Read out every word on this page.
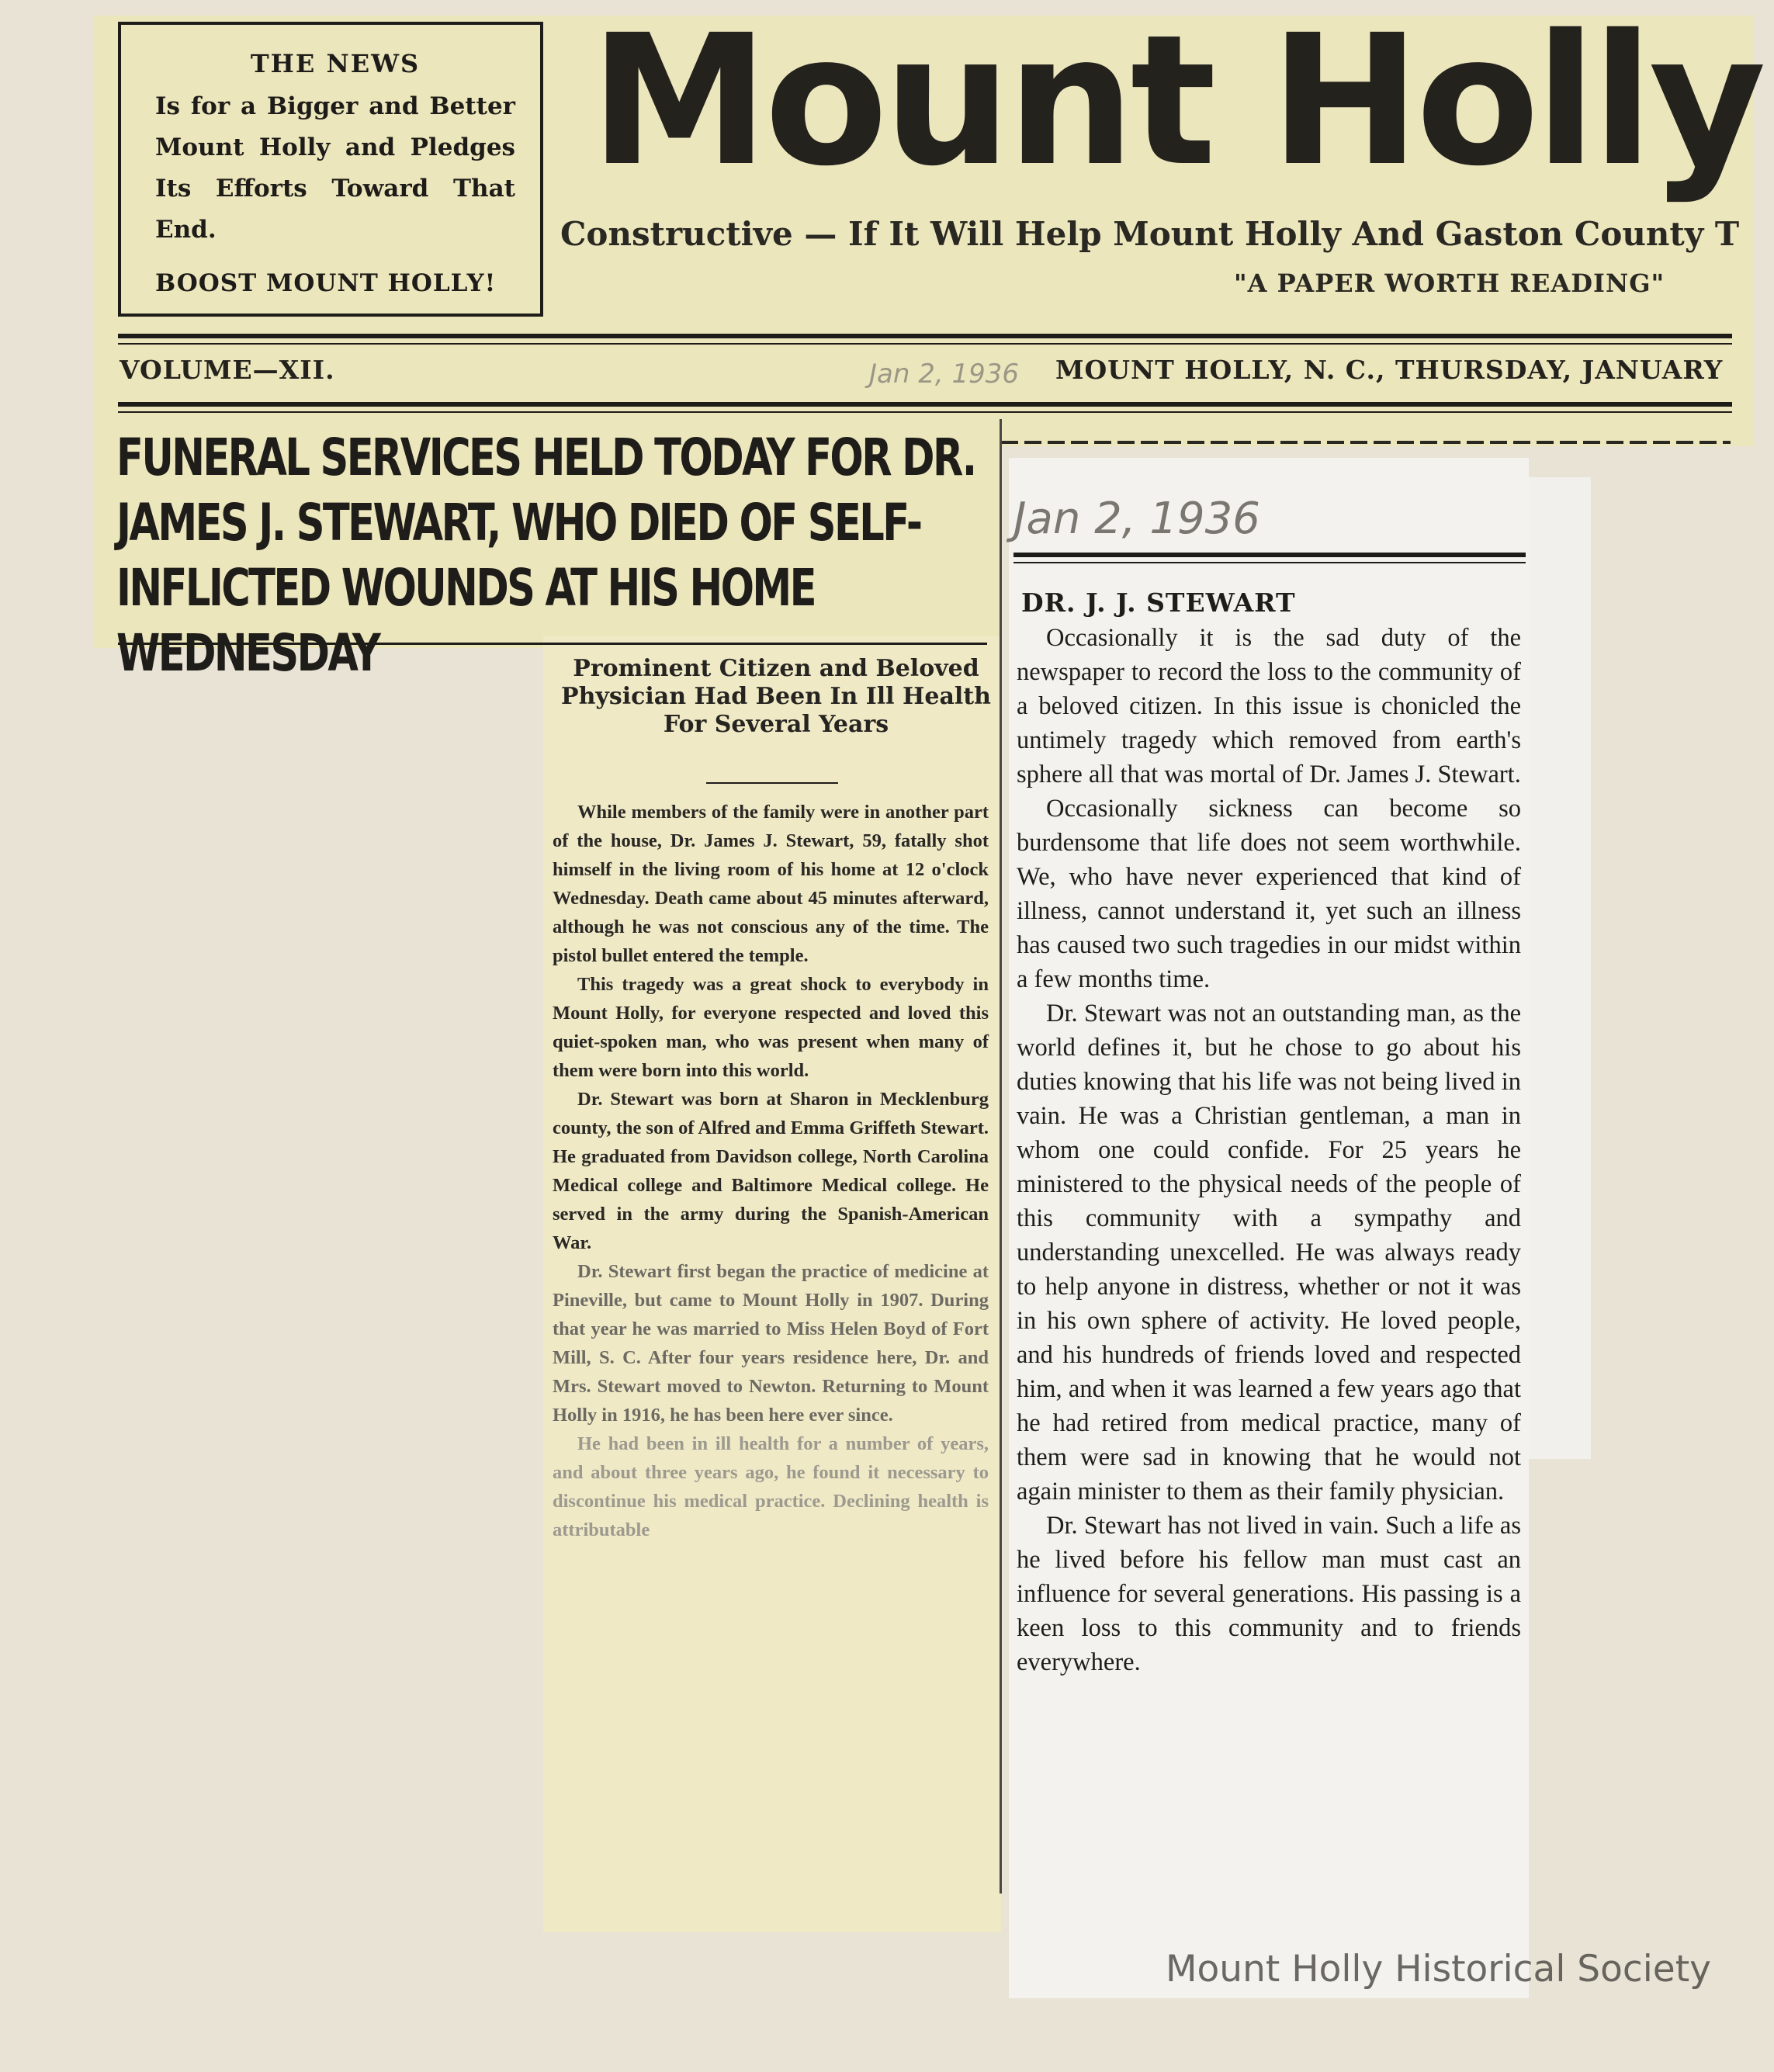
THE NEWS
Is for a Bigger and Better Mount Holly and Pledges Its Efforts Toward That End.
BOOST MOUNT HOLLY!
Mount Holly
Constructive — If It Will Help Mount Holly And Gaston County T
"A PAPER WORTH READING"
VOLUME—XII.	Jan 2, 1936 MOUNT HOLLY, N. C., THURSDAY, JANUARY
FUNERAL SERVICES HELD TODAY FOR DR. JAMES J. STEWART, WHO DIED OF SELF-INFLICTED WOUNDS AT HIS HOME WEDNESDAY	Prominent Citizen and Beloved Physician Had Been In Ill Health For Several Years

While members of the family were in another part of the house, Dr. James J. Stewart, 59, fatally shot himself in the living room of his home at 12 o'clock Wednesday. Death came about 45 minutes afterward, although he was not conscious any of the time. The pistol bullet entered the temple.

This tragedy was a great shock to everybody in Mount Holly, for everyone respected and loved this quiet-spoken man, who was present when many of them were born into this world.

Dr. Stewart was born at Sharon in Mecklenburg county, the son of Alfred and Emma Griffeth Stewart. He graduated from Davidson college, North Carolina Medical college and Baltimore Medical college. He served in the army during the Spanish-American War.

Dr. Stewart first began the practice of medicine at Pineville, but came to Mount Holly in 1907. During that year he was married to Miss Helen Boyd of Fort Mill, S. C. After four years residence here, Dr. and Mrs. Stewart moved to Newton. Returning to Mount Holly in 1916, he has been here ever since.

He had been in ill health for a number of years, and about three years ago, he found it necessary to discontinue his medical practice. Declining health is attributable

Jan 2, 1936
DR. J. J. STEWART

Occasionally it is the sad duty of the newspaper to record the loss to the community of a beloved citizen. In this issue is chonicled the untimely tragedy which removed from earth's sphere all that was mortal of Dr. James J. Stewart.

Occasionally sickness can become so burdensome that life does not seem worthwhile. We, who have never experienced that kind of illness, cannot understand it, yet such an illness has caused two such tragedies in our midst within a few months time.

Dr. Stewart was not an outstanding man, as the world defines it, but he chose to go about his duties knowing that his life was not being lived in vain. He was a Christian gentleman, a man in whom one could confide. For 25 years he ministered to the physical needs of the people of this community with a sympathy and understanding unexcelled. He was always ready to help anyone in distress, whether or not it was in his own sphere of activity. He loved people, and his hundreds of friends loved and respected him, and when it was learned a few years ago that he had retired from medical practice, many of them were sad in knowing that he would not again minister to them as their family physician.

Dr. Stewart has not lived in vain. Such a life as he lived before his fellow man must cast an influence for several generations. His passing is a keen loss to this community and to friends everywhere.

Mount Holly Historical Society
